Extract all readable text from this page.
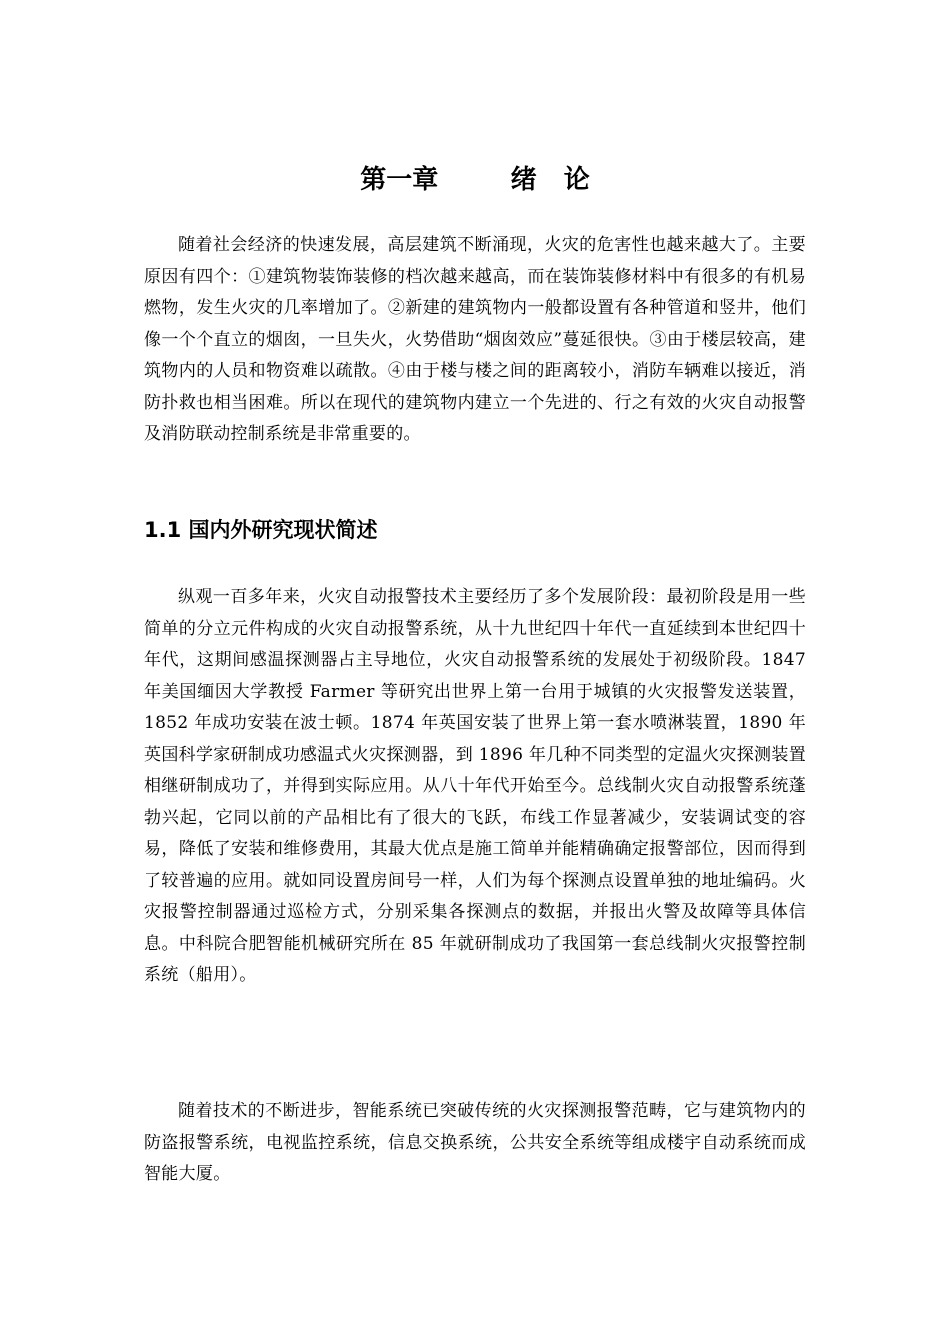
第一章        绪   论

随着社会经济的快速发展，高层建筑不断涌现，火灾的危害性也越来越大了。主要原因有四个：①建筑物装饰装修的档次越来越高，而在装饰装修材料中有很多的有机易燃物，发生火灾的几率增加了。②新建的建筑物内一般都设置有各种管道和竖井，他们像一个个直立的烟囱，一旦失火，火势借助“烟囱效应”蔓延很快。③由于楼层较高，建筑物内的人员和物资难以疏散。④由于楼与楼之间的距离较小，消防车辆难以接近，消防扑救也相当困难。所以在现代的建筑物内建立一个先进的、行之有效的火灾自动报警及消防联动控制系统是非常重要的。

1.1 国内外研究现状简述

纵观一百多年来，火灾自动报警技术主要经历了多个发展阶段：最初阶段是用一些简单的分立元件构成的火灾自动报警系统，从十九世纪四十年代一直延续到本世纪四十年代，这期间感温探测器占主导地位，火灾自动报警系统的发展处于初级阶段。1847 年美国缅因大学教授 Farmer 等研究出世界上第一台用于城镇的火灾报警发送装置，1852 年成功安装在波士顿。1874 年英国安装了世界上第一套水喷淋装置，1890 年英国科学家研制成功感温式火灾探测器，到 1896 年几种不同类型的定温火灾探测装置相继研制成功了，并得到实际应用。从八十年代开始至今。总线制火灾自动报警系统蓬勃兴起，它同以前的产品相比有了很大的飞跃，布线工作显著减少，安装调试变的容易，降低了安装和维修费用，其最大优点是施工简单并能精确确定报警部位，因而得到了较普遍的应用。就如同设置房间号一样，人们为每个探测点设置单独的地址编码。火灾报警控制器通过巡检方式，分别采集各探测点的数据，并报出火警及故障等具体信息。中科院合肥智能机械研究所在 85 年就研制成功了我国第一套总线制火灾报警控制系统（船用）。

随着技术的不断进步，智能系统已突破传统的火灾探测报警范畴，它与建筑物内的防盗报警系统，电视监控系统，信息交换系统，公共安全系统等组成楼宇自动系统而成智能大厦。
